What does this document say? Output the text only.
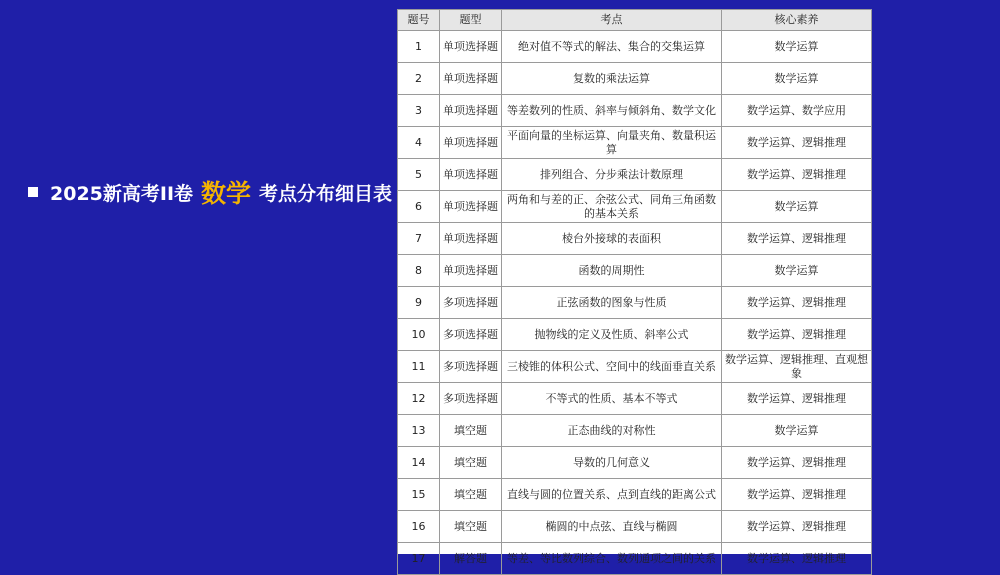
2025新高考II卷 数学 考点分布细目表
题号	题型	考点	核心素养
1	单项选择题	绝对值不等式的解法、集合的交集运算	数学运算
2	单项选择题	复数的乘法运算	数学运算
3	单项选择题	等差数列的性质、斜率与倾斜角、数学文化	数学运算、数学应用
4	单项选择题	平面向量的坐标运算、向量夹角、数量积运算	数学运算、逻辑推理
5	单项选择题	排列组合、分步乘法计数原理	数学运算、逻辑推理
6	单项选择题	两角和与差的正、余弦公式、同角三角函数的基本关系	数学运算
7	单项选择题	棱台外接球的表面积	数学运算、逻辑推理
8	单项选择题	函数的周期性	数学运算
9	多项选择题	正弦函数的图象与性质	数学运算、逻辑推理
10	多项选择题	抛物线的定义及性质、斜率公式	数学运算、逻辑推理
11	多项选择题	三棱锥的体积公式、空间中的线面垂直关系	数学运算、逻辑推理、直观想象
12	多项选择题	不等式的性质、基本不等式	数学运算、逻辑推理
13	填空题	正态曲线的对称性	数学运算
14	填空题	导数的几何意义	数学运算、逻辑推理
15	填空题	直线与圆的位置关系、点到直线的距离公式	数学运算、逻辑推理
16	填空题	椭圆的中点弦、直线与椭圆	数学运算、逻辑推理
17	解答题	等差、等比数列综合、数列通项之间的关系	数学运算、逻辑推理
